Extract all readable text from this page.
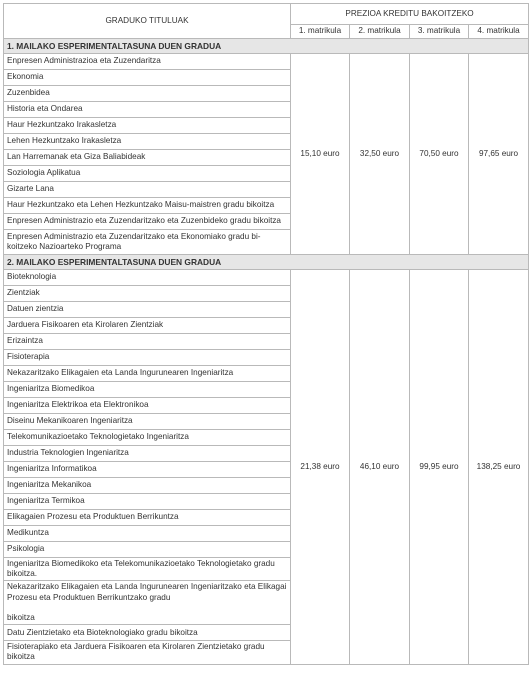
GRADUKO TITULUAK	PREZIOA KREDITU BAKOITZEKO			
	1. matrikula	2. matrikula	3. matrikula	4. matrikula
1. MAILAKO ESPERIMENTALTASUNA DUEN GRADUA				
Enpresen Administrazioa eta Zuzendaritza	15,10 euro	32,50 euro	70,50 euro	97,65 euro
Ekonomia				
Zuzenbidea				
Historia eta Ondarea				
Haur Hezkuntzako Irakasletza				
Lehen Hezkuntzako Irakasletza				
Lan Harremanak eta Giza Baliabideak				
Soziologia Aplikatua				
Gizarte Lana				
Haur Hezkuntzako eta Lehen Hezkuntzako Maisu-maistren gradu bikoitza				
Enpresen Administrazio eta Zuzendaritzako eta Zuzenbideko gradu bikoitza				
Enpresen Administrazio eta Zuzendaritzako eta Ekonomiako gradu bi-koitzeko Nazioarteko Programa				
2. MAILAKO ESPERIMENTALTASUNA DUEN GRADUA				
Bioteknologia	21,38 euro	46,10 euro	99,95 euro	138,25 euro
Zientziak				
Datuen zientzia				
Jarduera Fisikoaren eta Kirolaren Zientziak				
Erizaintza				
Fisioterapia				
Nekazaritzako Elikagaien eta Landa Ingurunearen Ingeniaritza				
Ingeniaritza Biomedikoa				
Ingeniaritza Elektrikoa eta Elektronikoa				
Diseinu Mekanikoaren Ingeniaritza				
Telekomunikazioetako Teknologietako Ingeniaritza				
Industria Teknologien Ingeniaritza				
Ingeniaritza Informatikoa				
Ingeniaritza Mekanikoa				
Ingeniaritza Termikoa				
Elikagaien Prozesu eta Produktuen Berrikuntza				
Medikuntza				
Psikologia				
Ingeniaritza Biomedikoko eta Telekomunikazioetako Teknologietako gradu bikoitza.				
Nekazaritzako Elikagaien eta Landa Ingurunearen Ingeniaritzako eta Elikagai Prozesu eta Produktuen Berrikuntzako gradu

bikoitza				
Datu Zientzietako eta Bioteknologiako gradu bikoitza				
Fisioterapiako eta Jarduera Fisikoaren eta Kirolaren Zientzietako gradu bikoitza				
